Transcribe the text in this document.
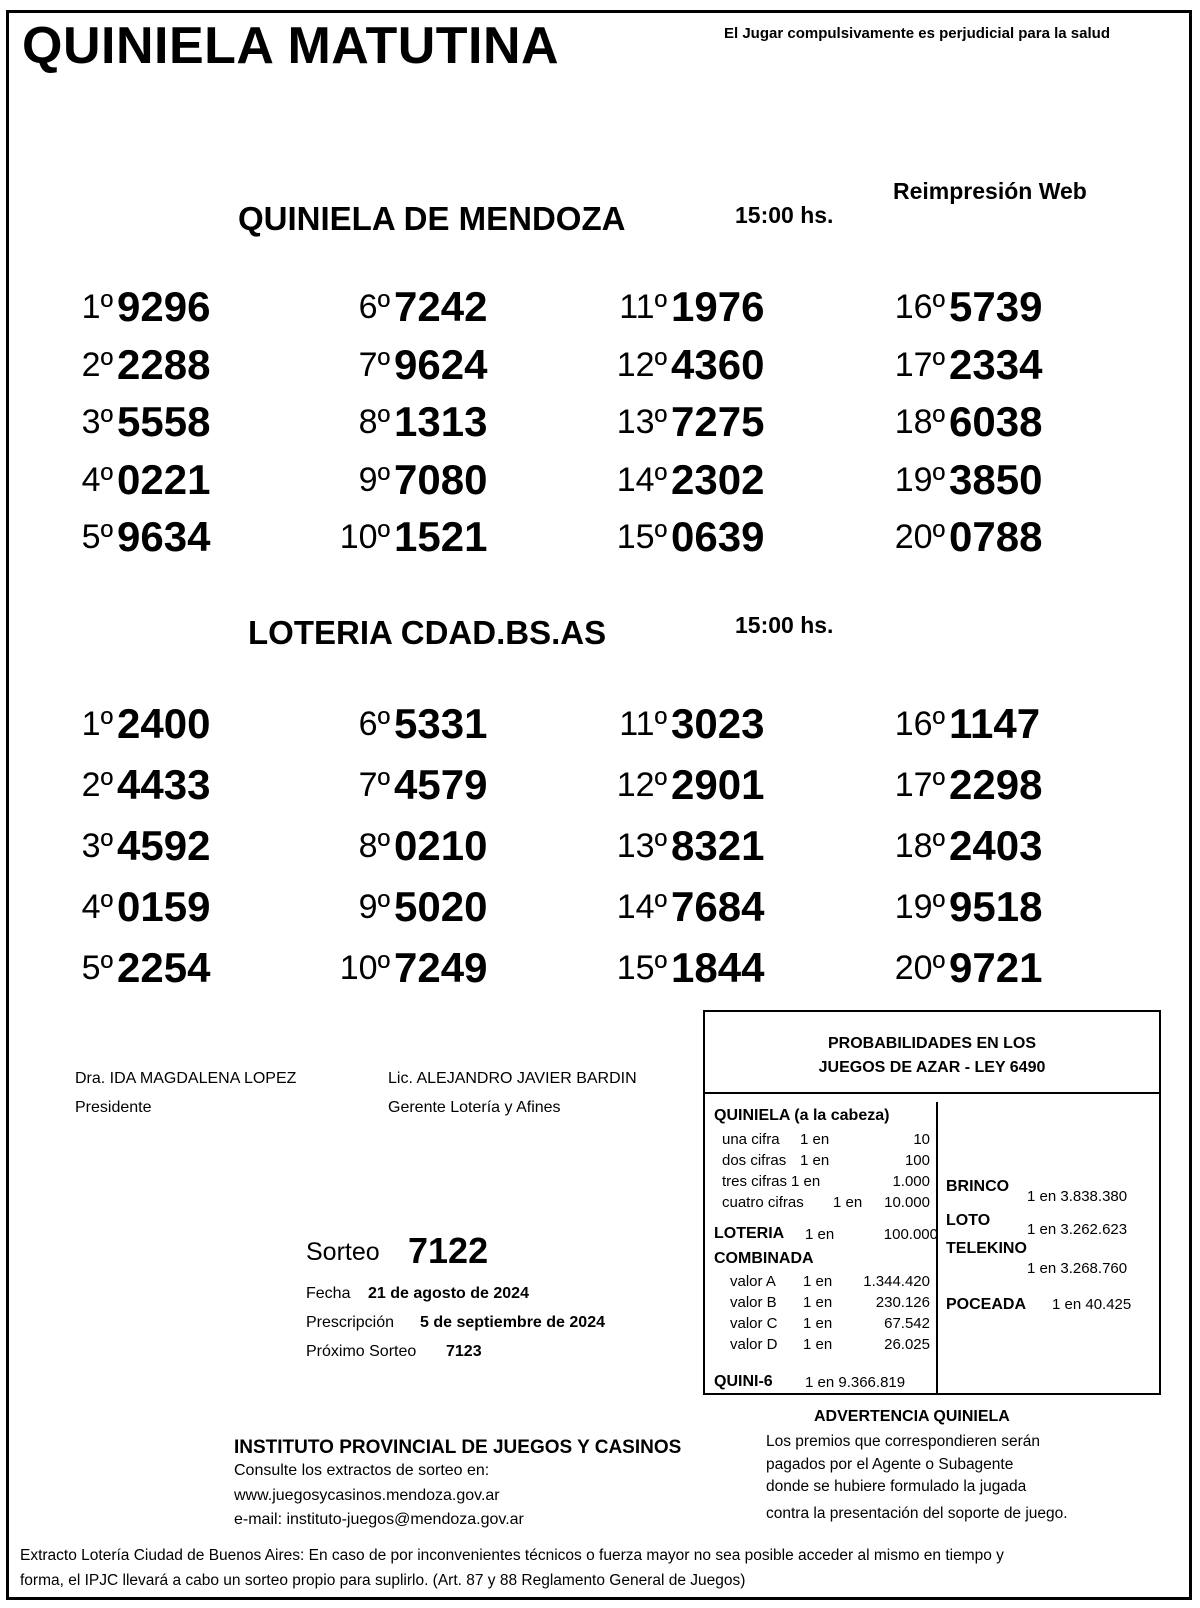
QUINIELA MATUTINA	El Jugar compulsivamente es perjudicial para la salud
Reimpresión Web
QUINIELA DE MENDOZA	15:00 hs.
1º 9296
2º 2288
3º 5558
4º 0221
5º 9634
6º 7242
7º 9624
8º 1313
9º 7080
10º 1521
11º 1976
12º 4360
13º 7275
14º 2302
15º 0639
16º 5739
17º 2334
18º 6038
19º 3850
20º 0788
LOTERIA CDAD.BS.AS	15:00 hs.
1º 2400
2º 4433
3º 4592
4º 0159
5º 2254
6º 5331
7º 4579
8º 0210
9º 5020
10º 7249
11º 3023
12º 2901
13º 8321
14º 7684
15º 1844
16º 1147
17º 2298
18º 2403
19º 9518
20º 9721
Dra. IDA MAGDALENA LOPEZ
Presidente
Lic. ALEJANDRO JAVIER BARDIN
Gerente Lotería y Afines
Sorteo 7122
Fecha 21 de agosto de 2024
Prescripción 5 de septiembre de 2024
Próximo Sorteo 7123
PROBABILIDADES EN LOS
JUEGOS DE AZAR - LEY 6490
QUINIELA (a la cabeza)
una cifra 1 en	10
dos cifras 1 en	100
tres cifras 1 en	1.000
cuatro cifras 1 en	10.000
LOTERIA 1 en	100.000
COMBINADA
valor A 1 en	1.344.420
valor B 1 en	230.126
valor C 1 en	67.542
valor D 1 en	26.025
QUINI-6 1 en 9.366.819
BRINCO
1 en 3.838.380
LOTO
1 en 3.262.623
TELEKINO
1 en 3.268.760
POCEADA 1 en 40.425
INSTITUTO PROVINCIAL DE JUEGOS Y CASINOS
Consulte los extractos de sorteo en:
www.juegosycasinos.mendoza.gov.ar
e-mail: instituto-juegos@mendoza.gov.ar
ADVERTENCIA QUINIELA
Los premios que correspondieren serán
pagados por el Agente o Subagente
donde se hubiere formulado la jugada
contra la presentación del soporte de juego.
Extracto Lotería Ciudad de Buenos Aires: En caso de por inconvenientes técnicos o fuerza mayor no sea posible acceder al mismo en tiempo y
forma, el IPJC llevará a cabo un sorteo propio para suplirlo. (Art. 87 y 88 Reglamento General de Juegos)
